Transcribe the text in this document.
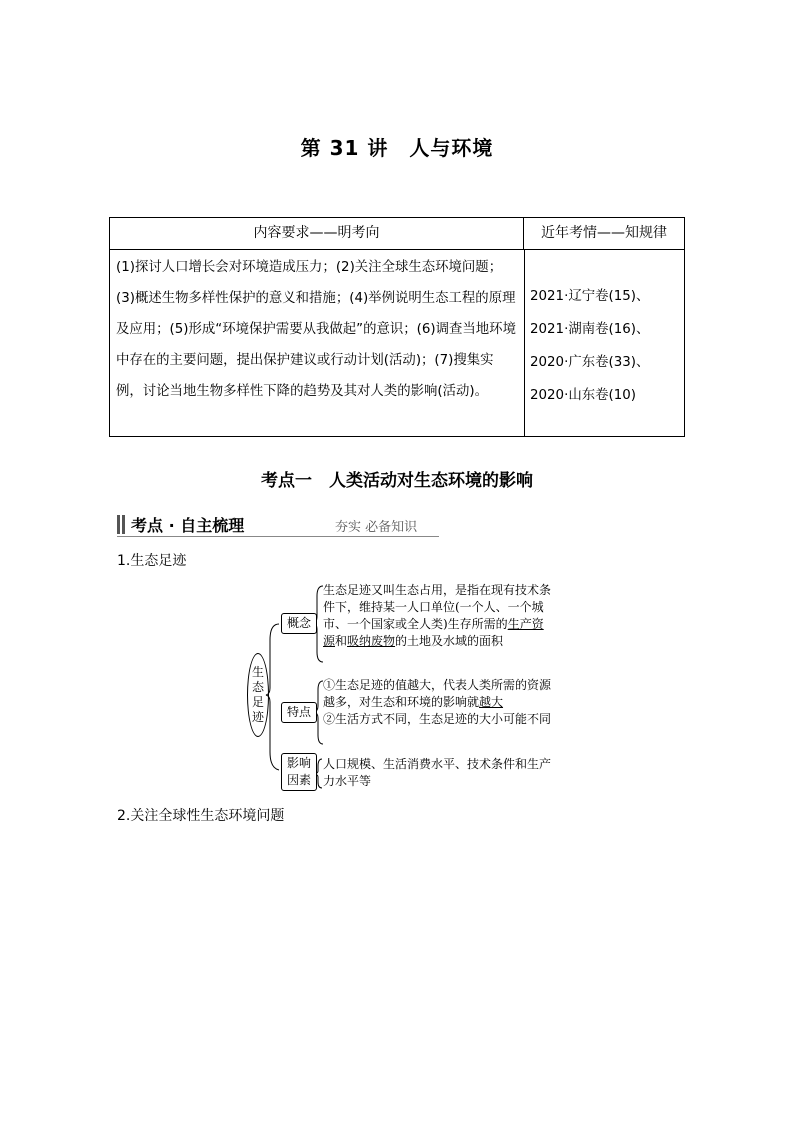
第 31 讲　人与环境
内容要求——明考向	近年考情——知规律
(1)探讨人口增长会对环境造成压力；(2)关注全球生态环境问题；(3)概述生物多样性保护的意义和措施；(4)举例说明生态工程的原理及应用；(5)形成“环境保护需要从我做起”的意识；(6)调查当地环境中存在的主要问题，提出保护建议或行动计划(活动)；(7)搜集实例，讨论当地生物多样性下降的趋势及其对人类的影响(活动)。
2021·辽宁卷(15)、
2021·湖南卷(16)、
2020·广东卷(33)、
2020·山东卷(10)
考点一　人类活动对生态环境的影响
考点 · 自主梳理	夯实 必备知识
1.生态足迹
生态足迹
概念
生态足迹又叫生态占用，是指在现有技术条件下，维持某一人口单位(一个人、一个城市、一个国家或全人类)生存所需的生产资源和吸纳废物的土地及水域的面积
特点
①生态足迹的值越大，代表人类所需的资源越多，对生态和环境的影响就越大
②生活方式不同，生态足迹的大小可能不同
影响因素
人口规模、生活消费水平、技术条件和生产力水平等
2.关注全球性生态环境问题
